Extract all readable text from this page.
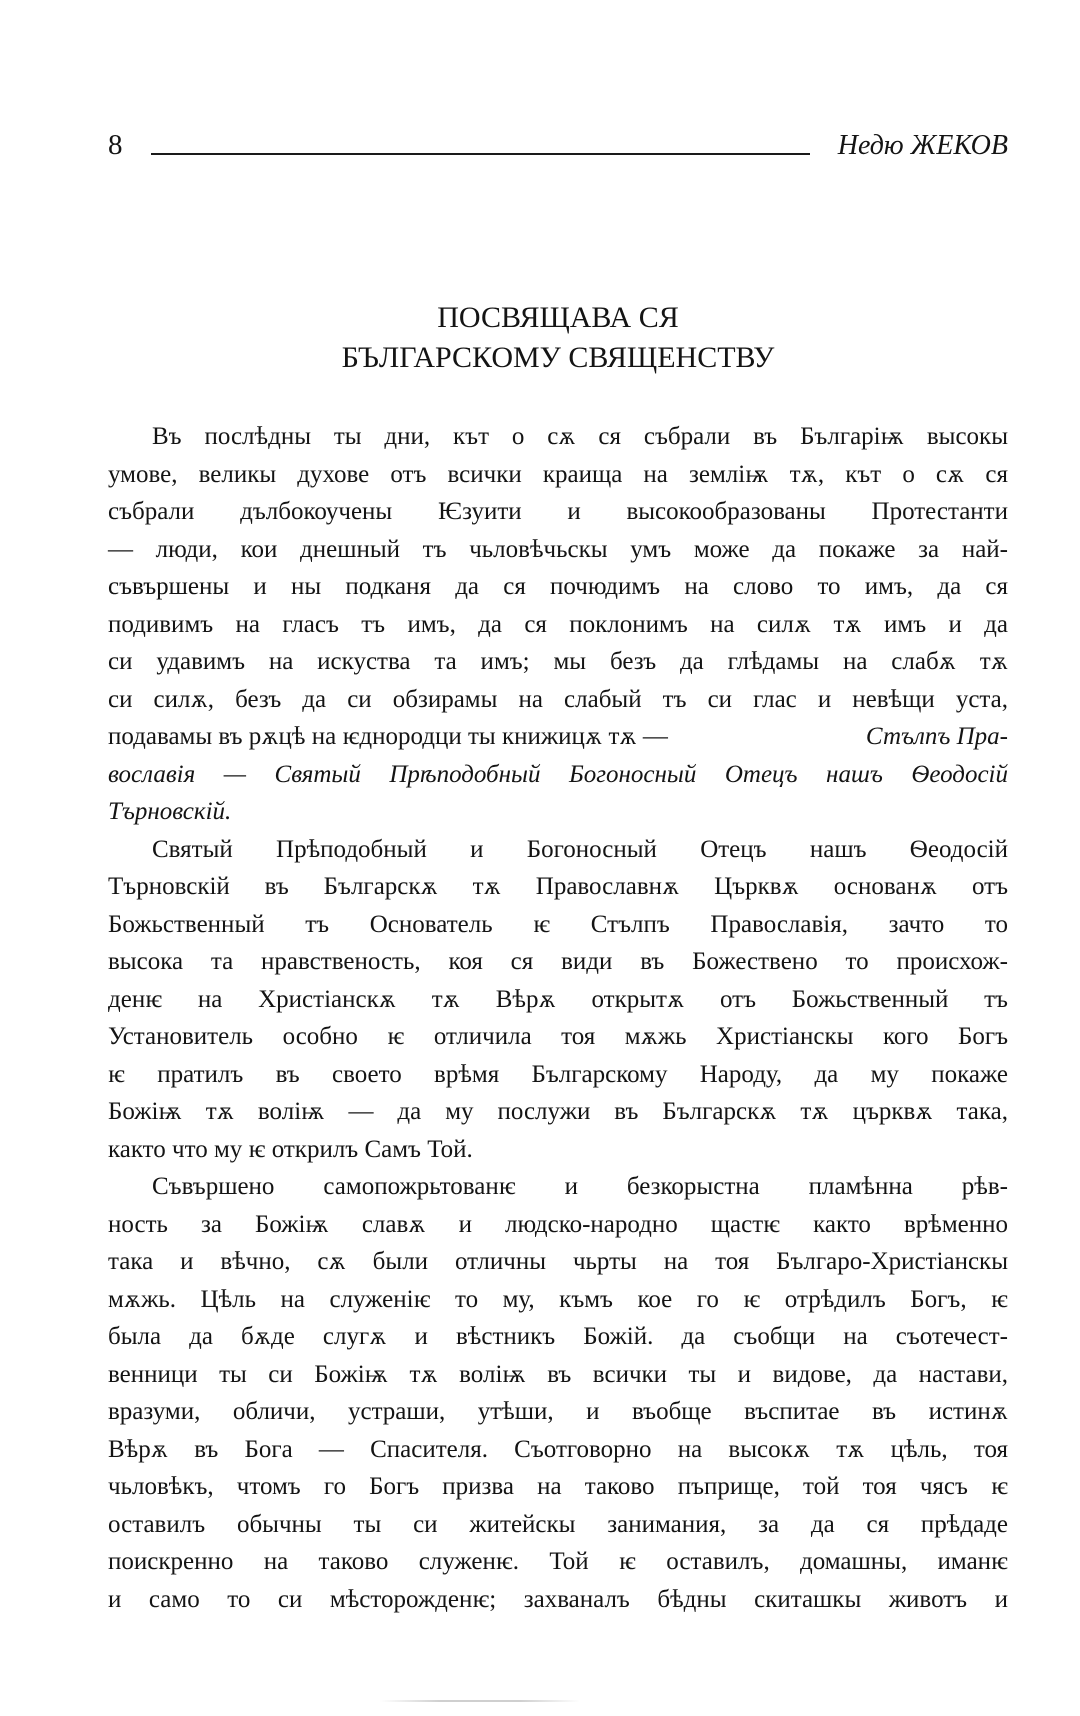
8	Недю ЖЕКОВ
ПОСВЯЩАВА СЯ
БЪЛГАРСКОМУ СВЯЩЕНСТВУ
Въ послѣдны ты дни, кът о сѫ ся събрали въ Българіѭ высокы
умове, великы духове отъ всички краища на земліѭ тѫ, кът о сѫ ся
събрали дълбокоучены Ѥзуити и высокообразованы Протестанти
— люди, кои днешный тъ чьловѣчьскы умъ може да покаже за най-
съвършены и ны подканя да ся почюдимъ на слово то имъ, да ся
подивимъ на гласъ тъ имъ, да ся поклонимъ на силѫ тѫ имъ и да
си удавимъ на искуства та имъ; мы безъ да глѣдамы на слабѫ тѫ
си силѫ, безъ да си обзирамы на слабый тъ си глас и невѣщи уста,
подавамы въ рѫцѣ на ѥднородци ты книжицѫ тѫ —	Стълпъ Пра-
вославія — Святый Прѣподобный Богоносный Отецъ нашъ Ѳеодосій
Търновскій.
Святый Прѣподобный и Богоносный Отецъ нашъ Ѳеодосій
Търновскій въ Българскѫ тѫ Православнѫ Църквѫ основанѫ отъ
Божьственный тъ Основатель ѥ Стълпъ Православія, зачто то
высока та нравственость, коя ся види въ Божествено то происхож-
денѥ на Христіанскѫ тѫ Вѣрѫ открытѫ отъ Божьственный тъ
Установитель особно ѥ отличила тоя мѫжь Христіанскы кого Богъ
ѥ пратилъ въ своето врѣмя Българскому Народу, да му покаже
Божіѭ тѫ воліѭ — да му послужи въ Българскѫ тѫ църквѫ така,
както что му ѥ открилъ Самъ Той.
Съвършено самопожрьтованѥ и безкорыстна пламѣнна рѣв-
ность за Божіѭ славѫ и людско-народно щастѥ както врѣменно
така и вѣчно, сѫ были отличны чьрты на тоя Българо-Христіанскы
мѫжь. Цѣль на служеніѥ то му, къмъ кое го ѥ отрѣдилъ Богъ, ѥ
была да бѫде слугѫ и вѣстникъ Божій. да съобщи на съотечест-
венници ты си Божіѭ тѫ воліѭ въ всички ты и видове, да настави,
вразуми, обличи, устраши, утѣши, и въобще въспитае въ истинѫ
Вѣрѫ въ Бога — Спасителя. Съотговорно на высокѫ тѫ цѣль, тоя
чьловѣкъ, чтомъ го Богъ призва на таково пъприще, той тоя чясъ ѥ
оставилъ обычны ты си житейскы занимания, за да ся прѣдаде
поискренно на таково служенѥ. Той ѥ оставилъ, домашны, иманѥ
и само то си мѣсторожденѥ; захваналъ бѣдны скиташкы животъ и
